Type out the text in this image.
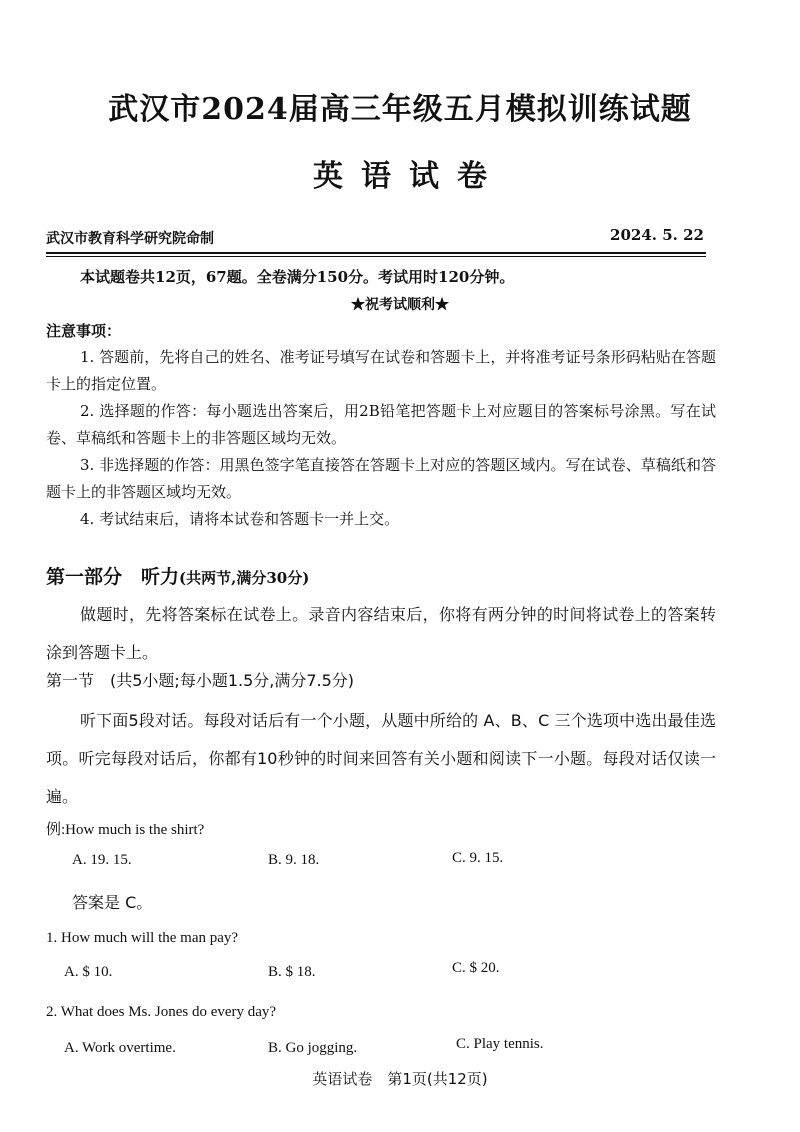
武汉市2024届高三年级五月模拟训练试题
英语试卷
武汉市教育科学研究院命制	2024. 5. 22
本试题卷共12页，67题。全卷满分150分。考试用时120分钟。
★祝考试顺利★
注意事项：
1. 答题前，先将自己的姓名、准考证号填写在试卷和答题卡上，并将准考证号条形码粘贴在答题卡上的指定位置。
2. 选择题的作答：每小题选出答案后，用2B铅笔把答题卡上对应题目的答案标号涂黑。写在试卷、草稿纸和答题卡上的非答题区域均无效。
3. 非选择题的作答：用黑色签字笔直接答在答题卡上对应的答题区域内。写在试卷、草稿纸和答题卡上的非答题区域均无效。
4. 考试结束后，请将本试卷和答题卡一并上交。
第一部分　听力(共两节,满分30分)
做题时，先将答案标在试卷上。录音内容结束后，你将有两分钟的时间将试卷上的答案转涂到答题卡上。
第一节　(共5小题;每小题1.5分,满分7.5分)
听下面5段对话。每段对话后有一个小题，从题中所给的 A、B、C 三个选项中选出最佳选项。听完每段对话后，你都有10秒钟的时间来回答有关小题和阅读下一小题。每段对话仅读一遍。
例:How much is the shirt?
A. 19. 15.	B. 9. 18.	C. 9. 15.
答案是 C。
1. How much will the man pay?
A. $ 10.	B. $ 18.	C. $ 20.
2. What does Ms. Jones do every day?
A. Work overtime.	B. Go jogging.	C. Play tennis.
英语试卷　第1页(共12页)
